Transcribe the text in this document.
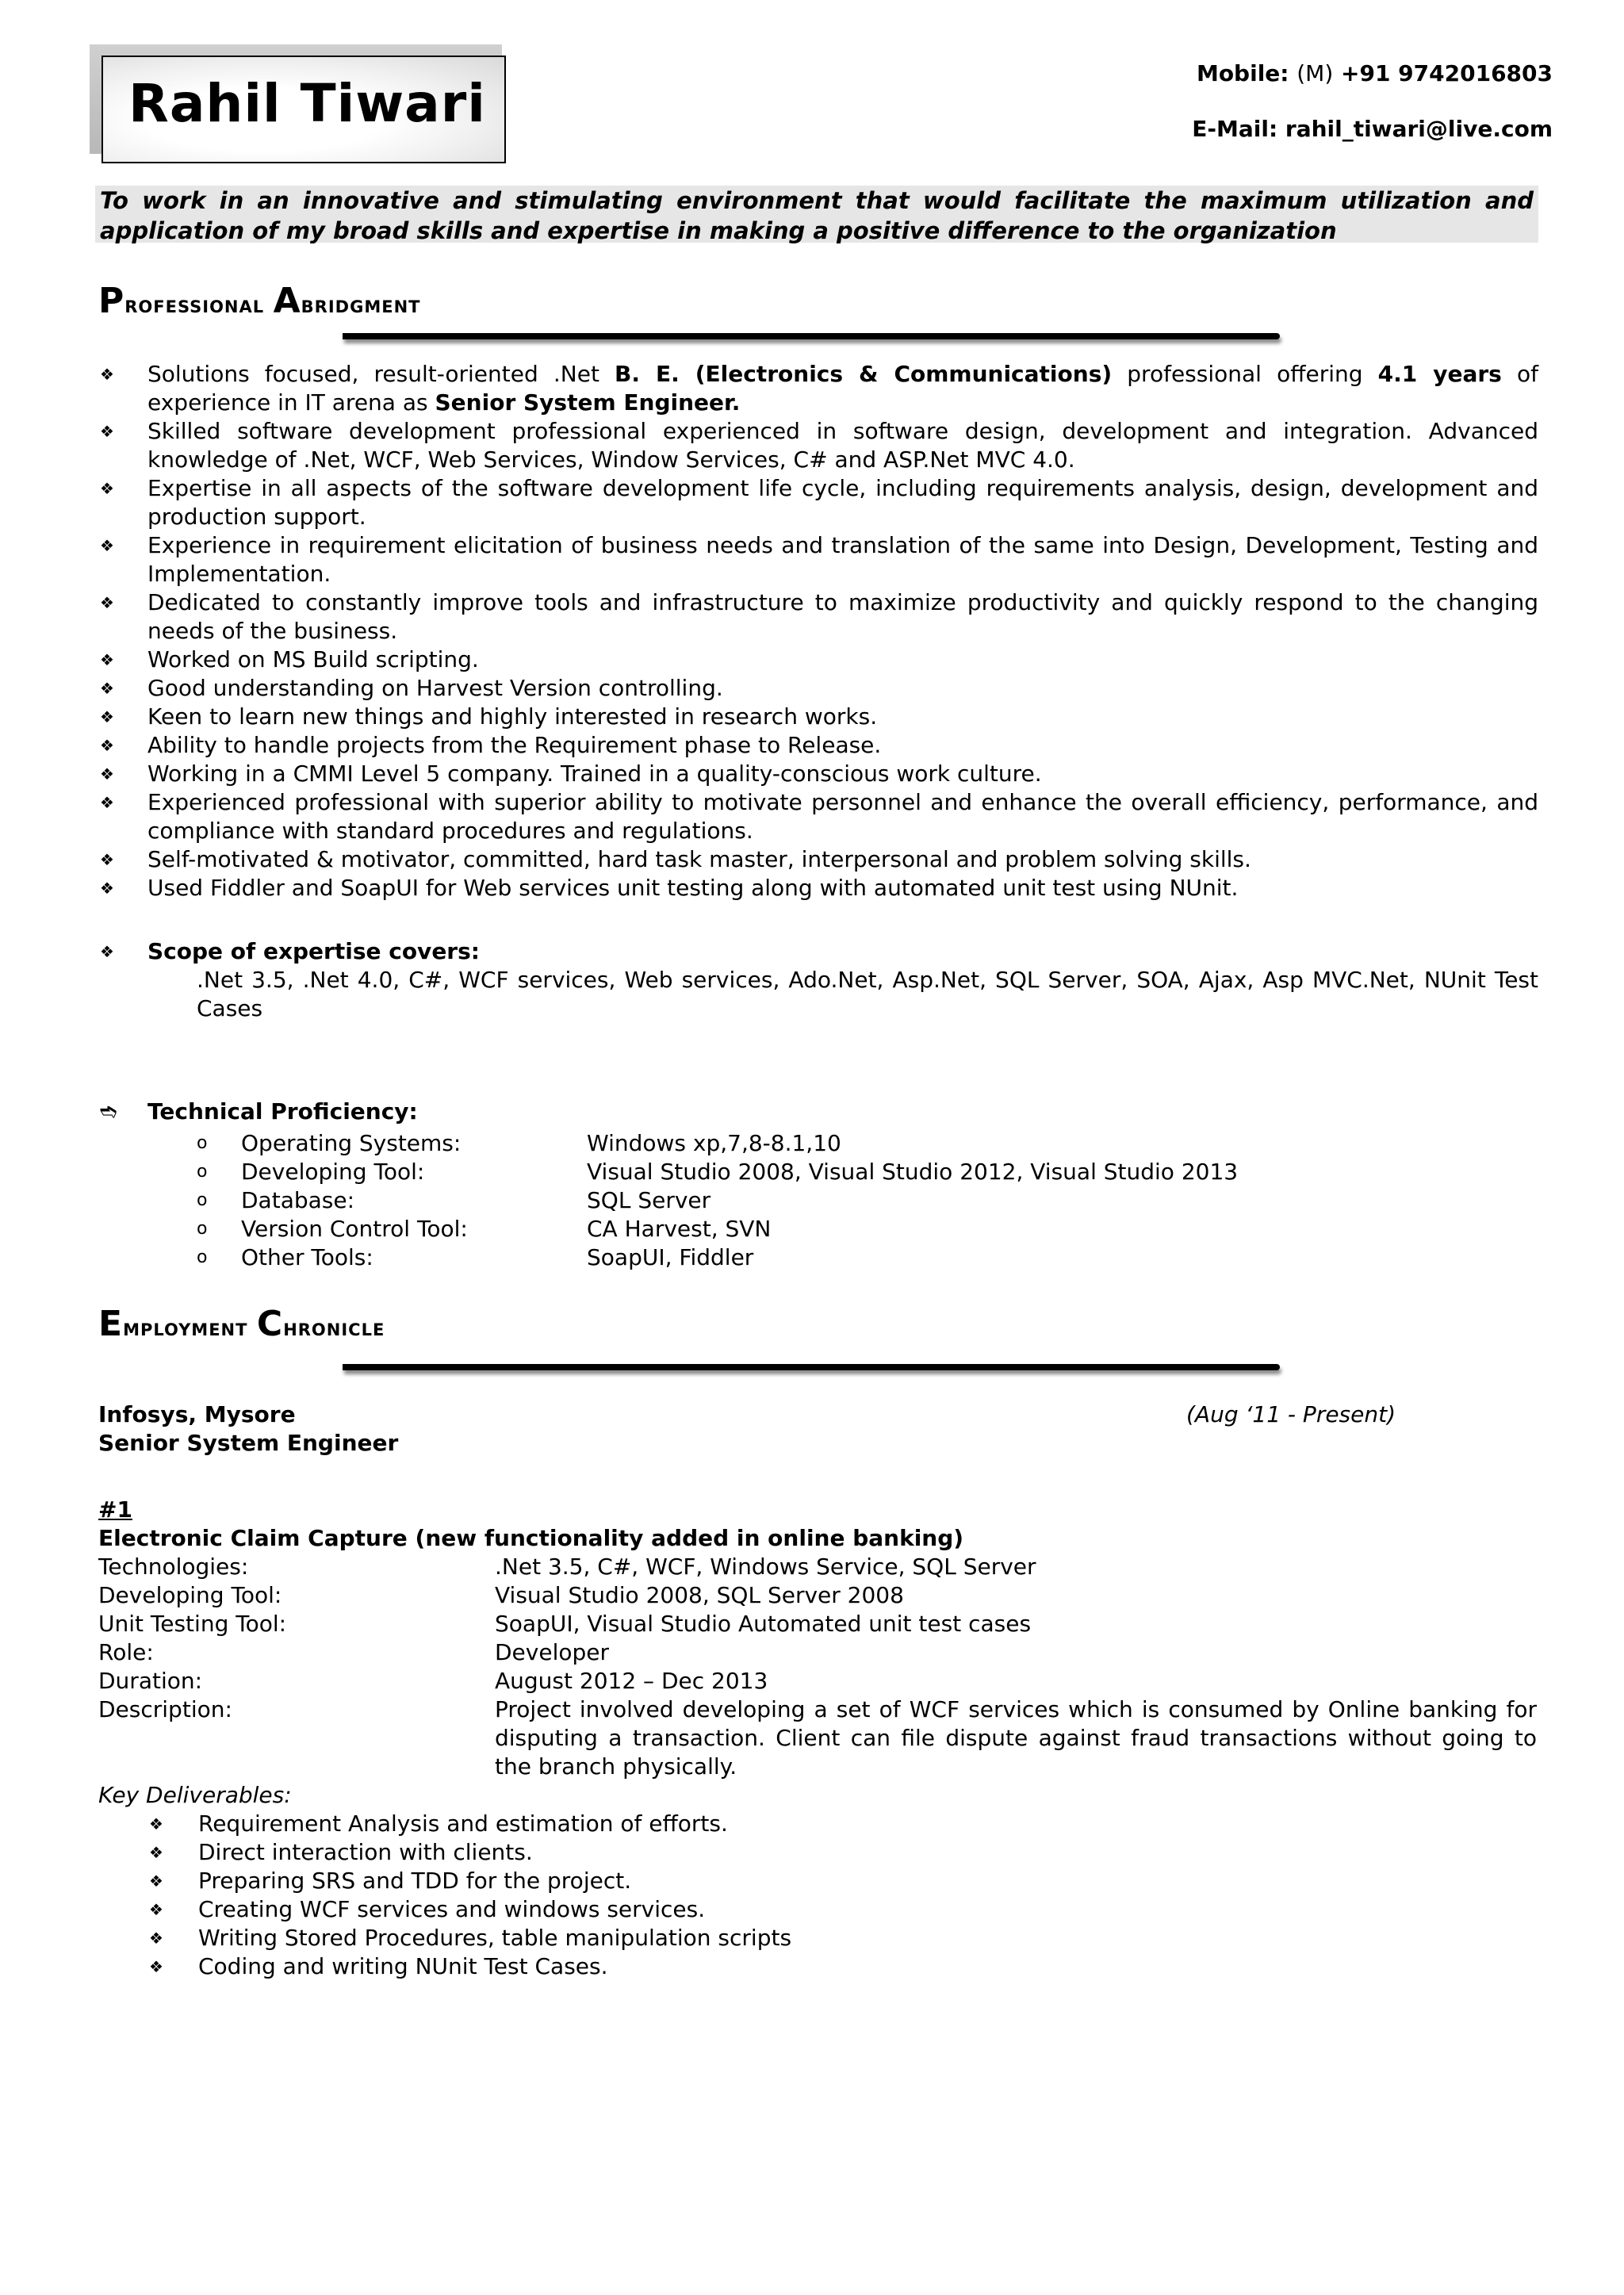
Rahil Tiwari	Mobile: (M) +91 9742016803
E-Mail: rahil_tiwari@live.com
To work in an innovative and stimulating environment that would facilitate the maximum utilization and
application of my broad skills and expertise in making a positive difference to the organization
Professional Abridgment
❖ Solutions focused, result-oriented .Net B. E. (Electronics & Communications) professional offering 4.1 years of experience in IT arena as Senior System Engineer.
❖ Skilled software development professional experienced in software design, development and integration. Advanced knowledge of .Net, WCF, Web Services, Window Services, C# and ASP.Net MVC 4.0.
❖ Expertise in all aspects of the software development life cycle, including requirements analysis, design, development and production support.
❖ Experience in requirement elicitation of business needs and translation of the same into Design, Development, Testing and Implementation.
❖ Dedicated to constantly improve tools and infrastructure to maximize productivity and quickly respond to the changing needs of the business.
❖ Worked on MS Build scripting.
❖ Good understanding on Harvest Version controlling.
❖ Keen to learn new things and highly interested in research works.
❖ Ability to handle projects from the Requirement phase to Release.
❖ Working in a CMMI Level 5 company. Trained in a quality-conscious work culture.
❖ Experienced professional with superior ability to motivate personnel and enhance the overall efficiency, performance, and compliance with standard procedures and regulations.
❖ Self-motivated & motivator, committed, hard task master, interpersonal and problem solving skills.
❖ Used Fiddler and SoapUI for Web services unit testing along with automated unit test using NUnit.
❖ Scope of expertise covers:
.Net 3.5, .Net 4.0, C#, WCF services, Web services, Ado.Net, Asp.Net, SQL Server, SOA, Ajax, Asp MVC.Net, NUnit Test Cases
➬ Technical Proficiency:
o	Operating Systems:	Windows xp,7,8-8.1,10
o	Developing Tool:	Visual Studio 2008, Visual Studio 2012, Visual Studio 2013
o	Database:	SQL Server
o	Version Control Tool:	CA Harvest, SVN
o	Other Tools:	SoapUI, Fiddler
Employment Chronicle
Infosys, Mysore	(Aug ‘11 - Present)
Senior System Engineer
#1
Electronic Claim Capture (new functionality added in online banking)
Technologies:	.Net 3.5, C#, WCF, Windows Service, SQL Server
Developing Tool:	Visual Studio 2008, SQL Server 2008
Unit Testing Tool:	SoapUI, Visual Studio Automated unit test cases
Role:	Developer
Duration:	August 2012 – Dec 2013
Description:	Project involved developing a set of WCF services which is consumed by Online banking for disputing a transaction. Client can file dispute against fraud transactions without going to the branch physically.
Key Deliverables:
❖ Requirement Analysis and estimation of efforts.
❖ Direct interaction with clients.
❖ Preparing SRS and TDD for the project.
❖ Creating WCF services and windows services.
❖ Writing Stored Procedures, table manipulation scripts
❖ Coding and writing NUnit Test Cases.
